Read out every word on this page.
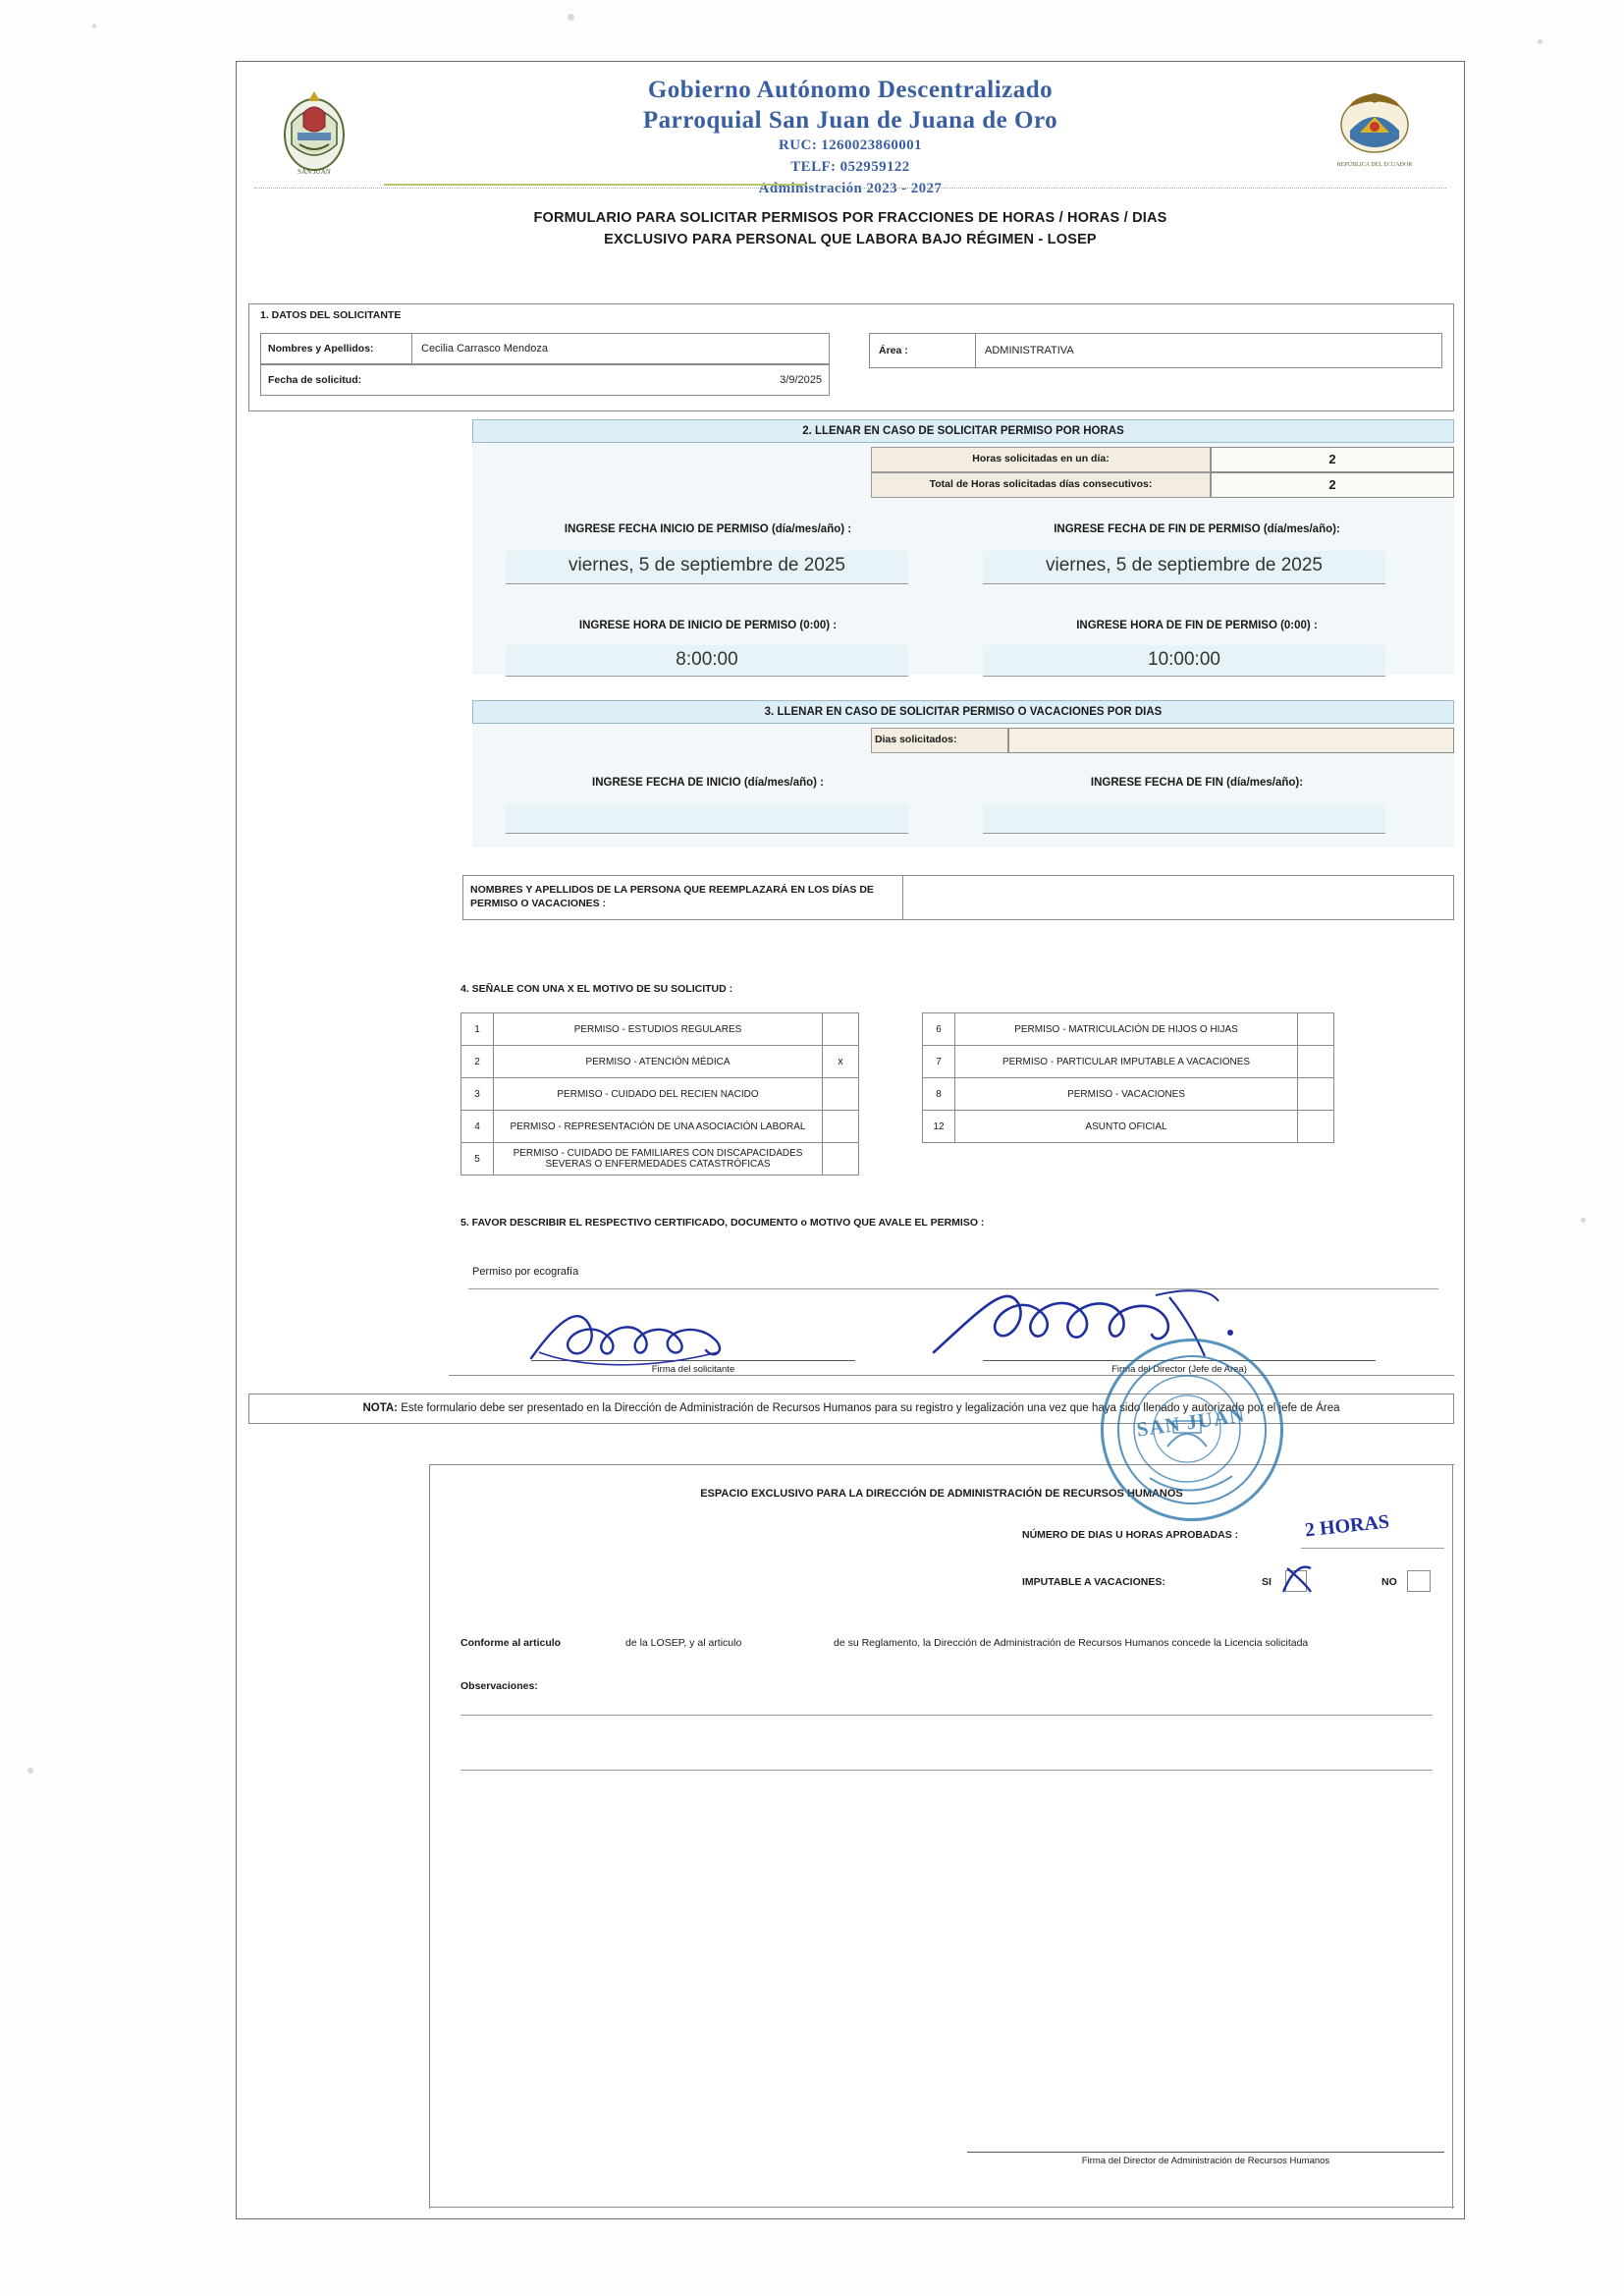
SAN JUAN
Gobierno Autónomo Descentralizado
Parroquial San Juan de Juana de Oro
RUC: 1260023860001
TELF: 052959122
Administración 2023 - 2027
REPÚBLICA DEL ECUADOR
FORMULARIO PARA SOLICITAR PERMISOS POR FRACCIONES DE HORAS / HORAS / DIAS
EXCLUSIVO PARA PERSONAL QUE LABORA BAJO RÉGIMEN - LOSEP
1. DATOS DEL SOLICITANTE
Nombres y Apellidos:	Cecilia Carrasco Mendoza
Fecha de solicitud:	3/9/2025
Área :	ADMINISTRATIVA
2. LLENAR EN CASO DE SOLICITAR PERMISO POR HORAS
Horas solicitadas en un día:	2
Total de Horas solicitadas días consecutivos:	2
INGRESE FECHA INICIO DE PERMISO (día/mes/año) :	INGRESE FECHA DE FIN DE PERMISO (día/mes/año):
viernes, 5 de septiembre de 2025	viernes, 5 de septiembre de 2025
INGRESE HORA DE INICIO DE PERMISO (0:00) :	INGRESE HORA DE FIN DE PERMISO (0:00) :
8:00:00	10:00:00
3. LLENAR EN CASO DE SOLICITAR PERMISO O VACACIONES POR DIAS
Dias solicitados:
INGRESE FECHA DE INICIO (día/mes/año) :	INGRESE FECHA DE FIN (día/mes/año):
NOMBRES Y APELLIDOS DE LA PERSONA QUE REEMPLAZARÁ EN LOS DÍAS DE PERMISO O VACACIONES :
4. SEÑALE CON UNA X EL MOTIVO DE SU SOLICITUD :
1	PERMISO - ESTUDIOS REGULARES	
2	PERMISO - ATENCIÓN MÉDICA	x
3	PERMISO - CUIDADO DEL RECIEN NACIDO	
4	PERMISO - REPRESENTACIÓN DE UNA ASOCIACIÓN LABORAL	
5	PERMISO - CUIDADO DE FAMILIARES CON DISCAPACIDADES SEVERAS O ENFERMEDADES CATASTRÓFICAS	
6	PERMISO - MATRICULACIÓN DE HIJOS O HIJAS	
7	PERMISO - PARTICULAR IMPUTABLE A VACACIONES	
8	PERMISO - VACACIONES	
12	ASUNTO OFICIAL	
5. FAVOR DESCRIBIR EL RESPECTIVO CERTIFICADO, DOCUMENTO o MOTIVO QUE AVALE EL PERMISO :
Permiso por ecografía
Firma del solicitante	Firma del Director (Jefe de Area)
NOTA: Este formulario debe ser presentado en la Dirección de Administración de Recursos Humanos para su registro y legalización una vez que haya sido llenado y autorizado por el jefe de Área
ESPACIO EXCLUSIVO PARA LA DIRECCIÓN DE ADMINISTRACIÓN DE RECURSOS HUMANOS
NÚMERO DE DIAS U HORAS APROBADAS :	2 HORAS
IMPUTABLE A VACACIONES:	SI	NO
Conforme al articulo	de la LOSEP, y al articulo	de su Reglamento, la Dirección de Administración de Recursos Humanos concede la Licencia solicitada
Observaciones:
Firma del Director de Administración de Recursos Humanos
SAN JUAN
